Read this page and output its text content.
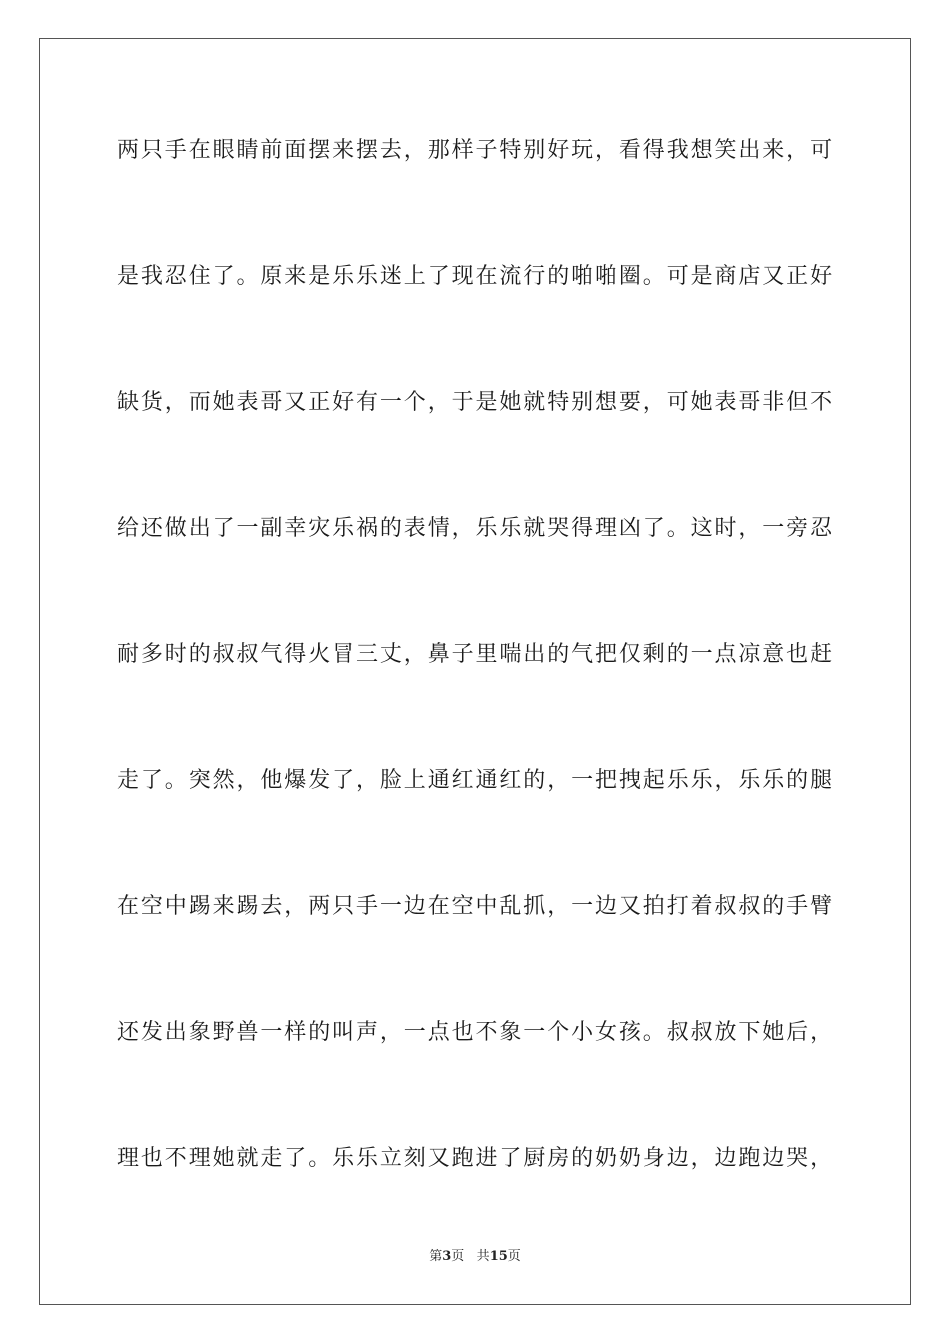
两只手在眼睛前面摆来摆去，那样子特别好玩，看得我想笑出来，可
是我忍住了。原来是乐乐迷上了现在流行的啪啪圈。可是商店又正好
缺货，而她表哥又正好有一个，于是她就特别想要，可她表哥非但不
给还做出了一副幸灾乐祸的表情，乐乐就哭得理凶了。这时，一旁忍
耐多时的叔叔气得火冒三丈，鼻子里喘出的气把仅剩的一点凉意也赶
走了。突然，他爆发了，脸上通红通红的，一把拽起乐乐，乐乐的腿
在空中踢来踢去，两只手一边在空中乱抓，一边又拍打着叔叔的手臂
还发出象野兽一样的叫声，一点也不象一个小女孩。叔叔放下她后，
理也不理她就走了。乐乐立刻又跑进了厨房的奶奶身边，边跑边哭，
第3页 共15页
